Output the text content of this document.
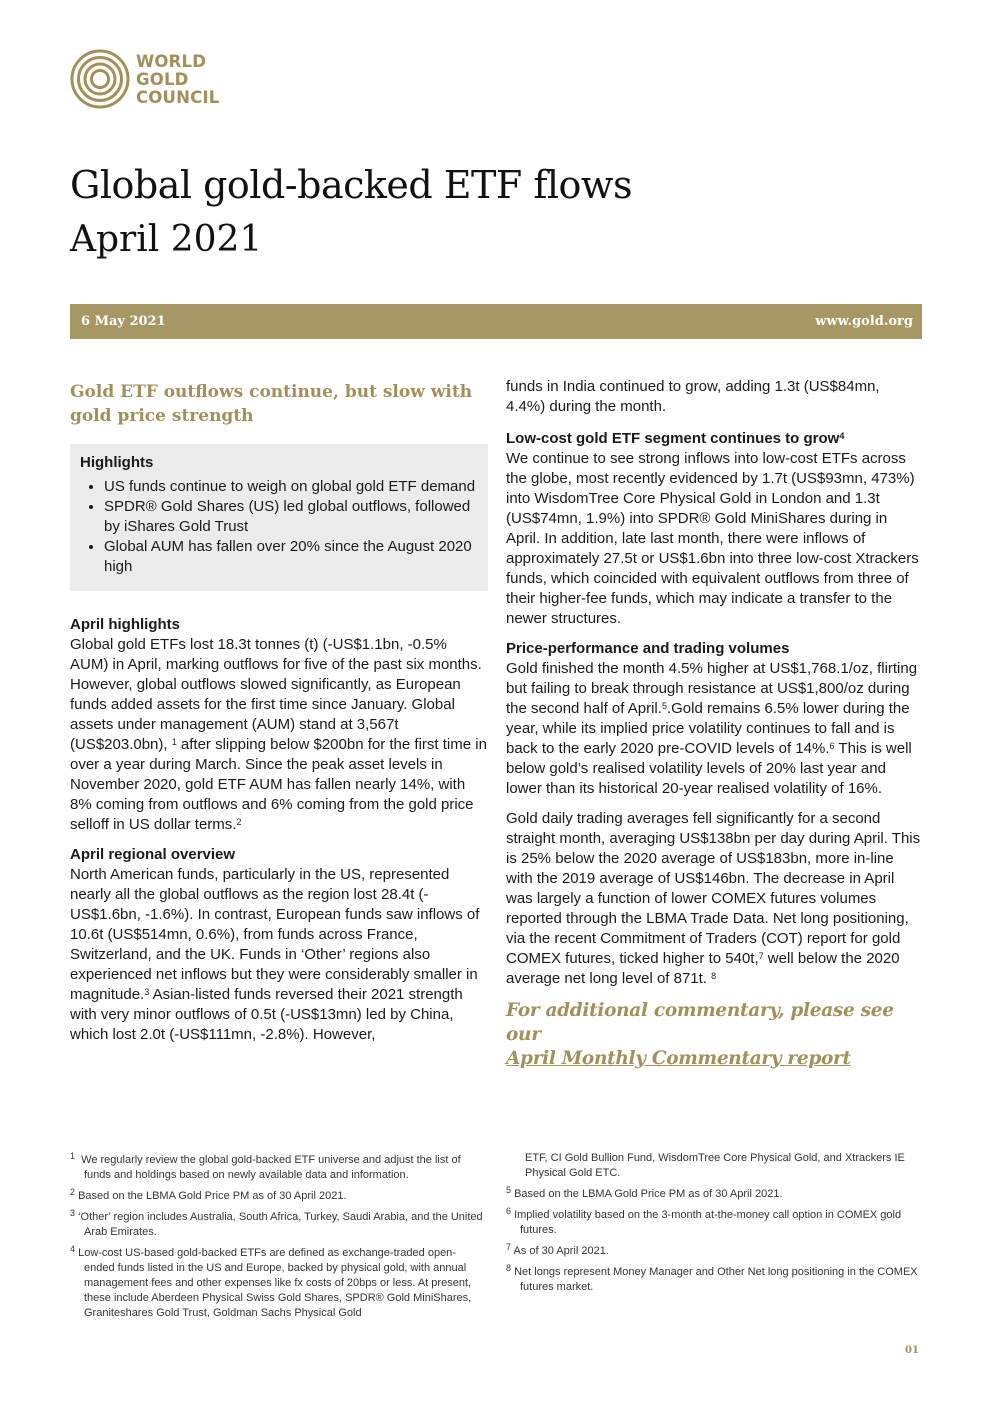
WORLD
GOLD
COUNCIL
Global gold-backed ETF flows
April 2021
6 May 2021	www.gold.org

Gold ETF outflows continue, but slow with gold price strength

Highlights

• US funds continue to weigh on global gold ETF demand
• SPDR® Gold Shares (US) led global outflows, followed by iShares Gold Trust
• Global AUM has fallen over 20% since the August 2020 high

April highlights

Global gold ETFs lost 18.3t tonnes (t) (-US$1.1bn, -0.5% AUM) in April, marking outflows for five of the past six months. However, global outflows slowed significantly, as European funds added assets for the first time since January. Global assets under management (AUM) stand at 3,567t (US$203.0bn), $^1$ after slipping below $200bn for the first time in over a year during March. Since the peak asset levels in November 2020, gold ETF AUM has fallen nearly 14%, with 8% coming from outflows and 6% coming from the gold price selloff in US dollar terms.$^2$

April regional overview

North American funds, particularly in the US, represented nearly all the global outflows as the region lost 28.4t (-US$1.6bn, -1.6%). In contrast, European funds saw inflows of 10.6t (US$514mn, 0.6%), from funds across France, Switzerland, and the UK. Funds in ‘Other’ regions also experienced net inflows but they were considerably smaller in magnitude.$^3$ Asian-listed funds reversed their 2021 strength with very minor outflows of 0.5t (-US$13mn) led by China, which lost 2.0t (-US$111mn, -2.8%). However,

funds in India continued to grow, adding 1.3t (US$84mn, 4.4%) during the month.

Low-cost gold ETF segment continues to grow$^4$

We continue to see strong inflows into low-cost ETFs across the globe, most recently evidenced by 1.7t (US$93mn, 473%) into WisdomTree Core Physical Gold in London and 1.3t (US$74mn, 1.9%) into SPDR® Gold MiniShares during in April. In addition, late last month, there were inflows of approximately 27.5t or US$1.6bn into three low-cost Xtrackers funds, which coincided with equivalent outflows from three of their higher-fee funds, which may indicate a transfer to the newer structures.

Price-performance and trading volumes

Gold finished the month 4.5% higher at US$1,768.1/oz, flirting but failing to break through resistance at US$1,800/oz during the second half of April.$^5$.Gold remains 6.5% lower during the year, while its implied price volatility continues to fall and is back to the early 2020 pre-COVID levels of 14%.$^6$ This is well below gold’s realised volatility levels of 20% last year and lower than its historical 20-year realised volatility of 16%.

Gold daily trading averages fell significantly for a second straight month, averaging US$138bn per day during April. This is 25% below the 2020 average of US$183bn, more in-line with the 2019 average of US$146bn. The decrease in April was largely a function of lower COMEX futures volumes reported through the LBMA Trade Data. Net long positioning, via the recent Commitment of Traders (COT) report for gold COMEX futures, ticked higher to 540t,$^7$ well below the 2020 average net long level of 871t. $^8$

For additional commentary, please see our
April Monthly Commentary report

$^1$ We regularly review the global gold-backed ETF universe and adjust the list of funds and holdings based on newly available data and information.

$^2$ Based on the LBMA Gold Price PM as of 30 April 2021.

$^3$ ‘Other’ region includes Australia, South Africa, Turkey, Saudi Arabia, and the United Arab Emirates.

$^4$ Low-cost US-based gold-backed ETFs are defined as exchange-traded open-ended funds listed in the US and Europe, backed by physical gold, with annual management fees and other expenses like fx costs of 20bps or less. At present, these include Aberdeen Physical Swiss Gold Shares, SPDR® Gold MiniShares, Graniteshares Gold Trust, Goldman Sachs Physical Gold

ETF, CI Gold Bullion Fund, WisdomTree Core Physical Gold, and Xtrackers IE Physical Gold ETC.

$^5$ Based on the LBMA Gold Price PM as of 30 April 2021.

$^6$ Implied volatility based on the 3-month at-the-money call option in COMEX gold futures.

$^7$ As of 30 April 2021.

$^8$ Net longs represent Money Manager and Other Net long positioning in the COMEX futures market.

01
